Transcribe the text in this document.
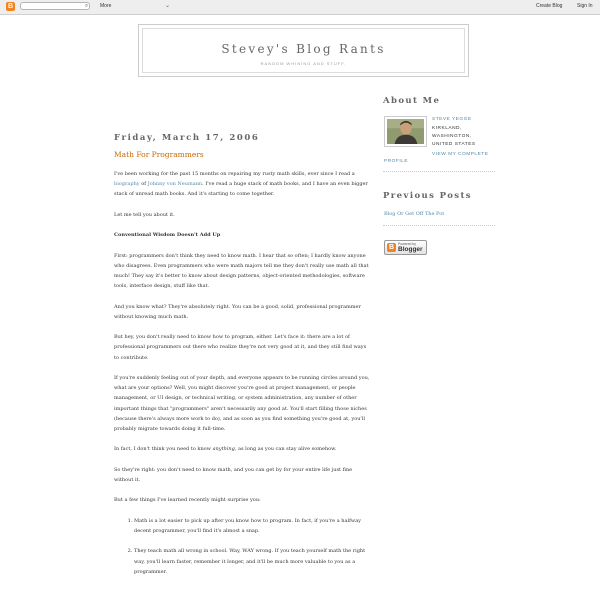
B	⌕	More	⌄	Create Blog	Sign In
Stevey's Blog Rants
RANDOM WHINING AND STUFF.
Friday, March 17, 2006
Math For Programmers

I've been working for the past 15 months on repairing my rusty math skills, ever since I read a biography of Johnny von Neumann. I've read a huge stack of math books, and I have an even bigger stack of unread math books. And it's starting to come together.

Let me tell you about it.

Conventional Wisdom Doesn't Add Up

First: programmers don't think they need to know math. I hear that so often; I hardly know anyone who disagrees. Even programmers who were math majors tell me they don't really use math all that much! They say it's better to know about design patterns, object-oriented methodologies, software tools, interface design, stuff like that.

And you know what? They're absolutely right. You can be a good, solid, professional programmer without knowing much math.

But hey, you don't really need to know how to program, either. Let's face it: there are a lot of professional programmers out there who realize they're not very good at it, and they still find ways to contribute.

If you're suddenly feeling out of your depth, and everyone appears to be running circles around you, what are your options? Well, you might discover you're good at project management, or people management, or UI design, or technical writing, or system administration, any number of other important things that "programmers" aren't necessarily any good at. You'll start filling those niches (because there's always more work to do), and as soon as you find something you're good at, you'll probably migrate towards doing it full-time.

In fact, I don't think you need to know anything, as long as you can stay alive somehow.

So they're right: you don't need to know math, and you can get by for your entire life just fine without it.

But a few things I've learned recently might surprise you:

1. Math is a lot easier to pick up after you know how to program. In fact, if you're a halfway decent programmer, you'll find it's almost a snap.
2. They teach math all wrong in school. Way, WAY wrong. If you teach yourself math the right way, you'll learn faster, remember it longer, and it'll be much more valuable to you as a programmer.
About Me
STEVE YEGGE
KIRKLAND, WASHINGTON, UNITED STATES
VIEW MY COMPLETE
PROFILE
Previous Posts
Blog Or Get Off The Pot
B	Powered by
Blogger
